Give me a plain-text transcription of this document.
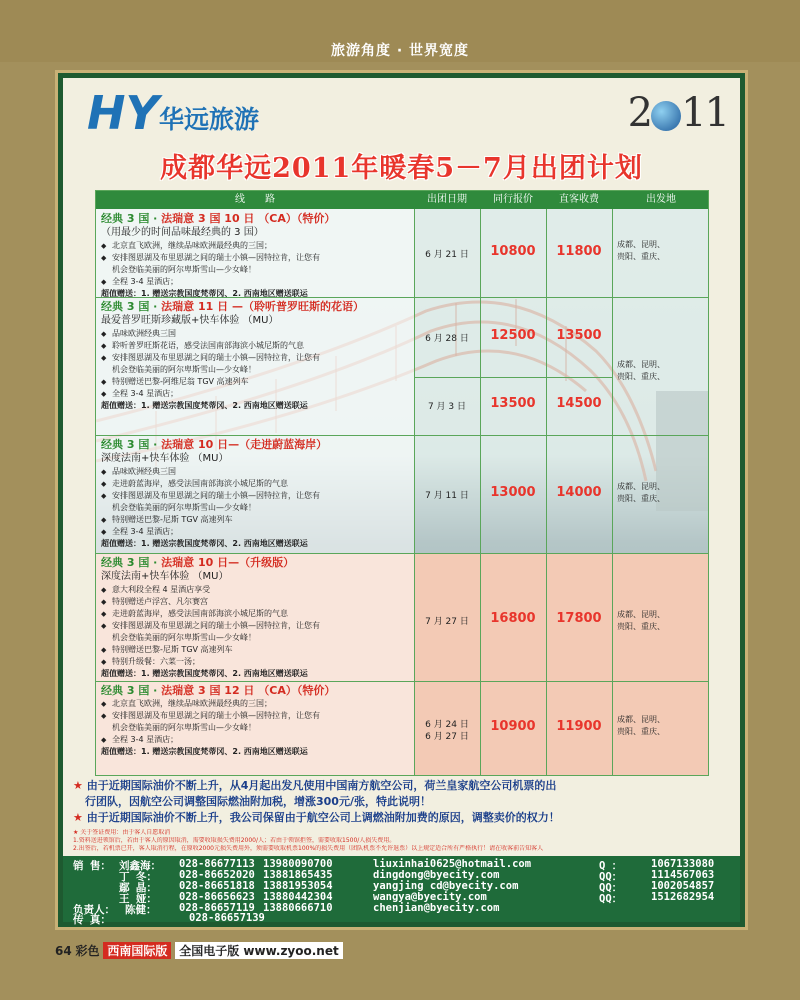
旅游角度 · 世界宽度
HY 华远旅游	2 11
成都华远2011年暖春5－7月出团计划
线　　路	出团日期	同行报价	直客收费	出发地
经典 3 国 · 法瑞意 3 国 10 日 （CA）（特价）
（用最少的时间品味最经典的 3 国）
◆ 北京直飞欧洲，继续品味欧洲最经典的三国；
◆ 安排图恩湖及布里恩湖之间的瑞士小镇—因特拉肯，让您有
机会登临美丽的阿尔卑斯雪山—少女峰！
◆ 全程 3-4 星酒店；
超值赠送：1. 赠送宗教国度梵蒂冈、2. 西南地区赠送联运
6 月 21 日	10800	11800	成都、昆明、
贵阳、重庆、
经典 3 国 · 法瑞意 11 日 —（聆听普罗旺斯的花语）
最爱普罗旺斯珍藏版+快车体验 （MU）
◆ 品味欧洲经典三国
◆ 聆听普罗旺斯花语，感受法国南部海滨小城尼斯的气息
◆ 安排图恩湖及布里恩湖之间的瑞士小镇—因特拉肯，让您有
机会登临美丽的阿尔卑斯雪山—少女峰！
◆ 特别赠送巴黎-阿维尼翁 TGV 高速列车
◆ 全程 3-4 星酒店；
超值赠送：1. 赠送宗教国度梵蒂冈、2. 西南地区赠送联运
6 月 28 日	12500	13500
7 月 3 日	13500	14500
成都、昆明、
贵阳、重庆、
经典 3 国 · 法瑞意 10 日—（走进蔚蓝海岸）
深度法南+快车体验 （MU）
◆ 品味欧洲经典三国
◆ 走进蔚蓝海岸，感受法国南部海滨小城尼斯的气息
◆ 安排图恩湖及布里恩湖之间的瑞士小镇—因特拉肯，让您有
机会登临美丽的阿尔卑斯雪山—少女峰！
◆ 特别赠送巴黎-尼斯 TGV 高速列车
◆ 全程 3-4 星酒店；
超值赠送：1. 赠送宗教国度梵蒂冈、2. 西南地区赠送联运
7 月 11 日	13000	14000	成都、昆明、
贵阳、重庆、
经典 3 国 · 法瑞意 10 日—（升级版）
深度法南+快车体验 （MU）
◆ 意大利段全程 4 星酒店享受
◆ 特别赠送卢浮宫、凡尔赛宫
◆ 走进蔚蓝海岸，感受法国南部海滨小城尼斯的气息
◆ 安排图恩湖及布里恩湖之间的瑞士小镇—因特拉肯，让您有
机会登临美丽的阿尔卑斯雪山—少女峰！
◆ 特别赠送巴黎-尼斯 TGV 高速列车
◆ 特别升级餐：六菜一汤；
超值赠送：1. 赠送宗教国度梵蒂冈、2. 西南地区赠送联运
7 月 27 日	16800	17800	成都、昆明、
贵阳、重庆、
经典 3 国 · 法瑞意 3 国 12 日 （CA）（特价）
◆ 北京直飞欧洲，继续品味欧洲最经典的三国；
◆ 安排图恩湖及布里恩湖之间的瑞士小镇—因特拉肯，让您有
机会登临美丽的阿尔卑斯雪山—少女峰！
◆ 全程 3-4 星酒店；
超值赠送：1. 赠送宗教国度梵蒂冈、2. 西南地区赠送联运
6 月 24 日
6 月 27 日
10900	11900	成都、昆明、
贵阳、重庆、
★ 由于近期国际油价不断上升，从4月起出发凡使用中国南方航空公司，荷兰皇家航空公司机票的出
行团队，因航空公司调整国际燃油附加税，增涨300元/张，特此说明！
★ 由于近期国际油价不断上升，我公司保留由于航空公司上调燃油附加费的原因，调整卖价的权力！
★ 关于签证费用：由于客人自愿取消
1.资料送进领馆后，若由于客人的原因取消，需要收取损失费用2000/人；若由于领馆拒签，需要收取1500/人损失费用。
2.出签后，若机票已开，客人取消行程，在原收2000元损失费用外，须需要收取机票100%的损失费用（团队机票不允许退票）以上规定适合所有严格执行！请在收客前告知客人
销 售： 刘鑫海： 028-86677113 13980090700	liuxinhai0625@hotmail.com	Q ：	1067133080
丁 冬： 028-86652020 13881865435	dingdong@byecity.com	QQ：	1114567063
鄢 晶： 028-86651818 13881953054	yangjing cd@byecity.com	QQ：	1002054857
王 娅： 028-86656623 13880442304	wangya@byecity.com	QQ：	1512682954
负责人： 陈健： 028-86657119 13880666710	chenjian@byecity.com
传 真：	028-86657139
64 彩色 西南国际版 全国电子版 www.zyoo.net
